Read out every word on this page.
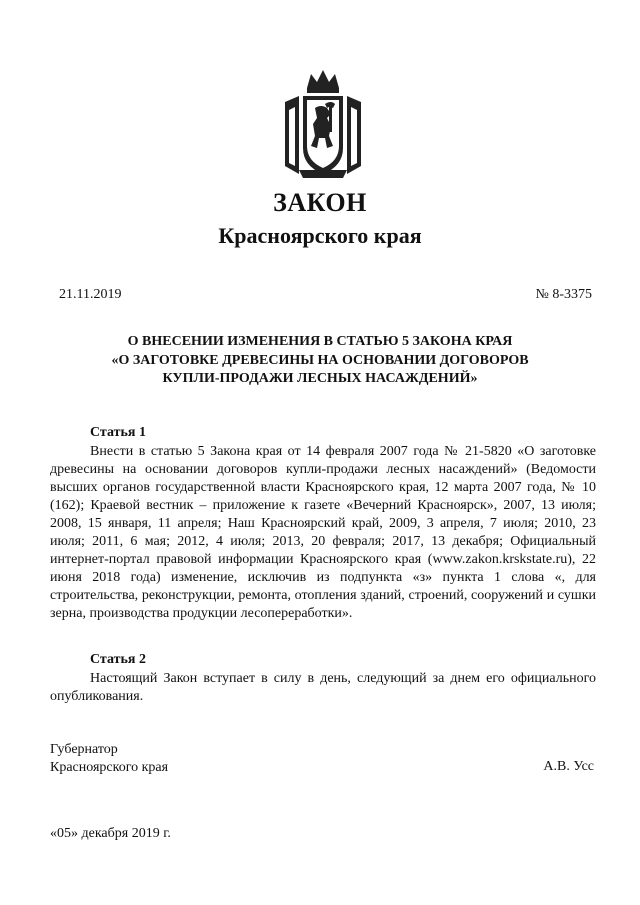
ЗАКОН
Красноярского края
21.11.2019	№ 8-3375
О ВНЕСЕНИИ ИЗМЕНЕНИЯ В СТАТЬЮ 5 ЗАКОНА КРАЯ
«О ЗАГОТОВКЕ ДРЕВЕСИНЫ НА ОСНОВАНИИ ДОГОВОРОВ
КУПЛИ-ПРОДАЖИ ЛЕСНЫХ НАСАЖДЕНИЙ»
Статья 1

Внести в статью 5 Закона края от 14 февраля 2007 года № 21-5820 «О заготовке древесины на основании договоров купли-продажи лесных насаждений» (Ведомости высших органов государственной власти Красноярского края, 12 марта 2007 года, № 10 (162); Краевой вестник – приложение к газете «Вечерний Красноярск», 2007, 13 июля; 2008, 15 января, 11 апреля; Наш Красноярский край, 2009, 3 апреля, 7 июля; 2010, 23 июля; 2011, 6 мая; 2012, 4 июля; 2013, 20 февраля; 2017, 13 декабря; Официальный интернет-портал правовой информации Красноярского края (www.zakon.krskstate.ru), 22 июня 2018 года) изменение, исключив из подпункта «з» пункта 1 слова «, для строительства, реконструкции, ремонта, отопления зданий, строений, сооружений и сушки зерна, производства продукции лесопереработки».

Статья 2

Настоящий Закон вступает в силу в день, следующий за днем его официального опубликования.

Губернатор
Красноярского края	А.В. Усс
«05» декабря 2019 г.
